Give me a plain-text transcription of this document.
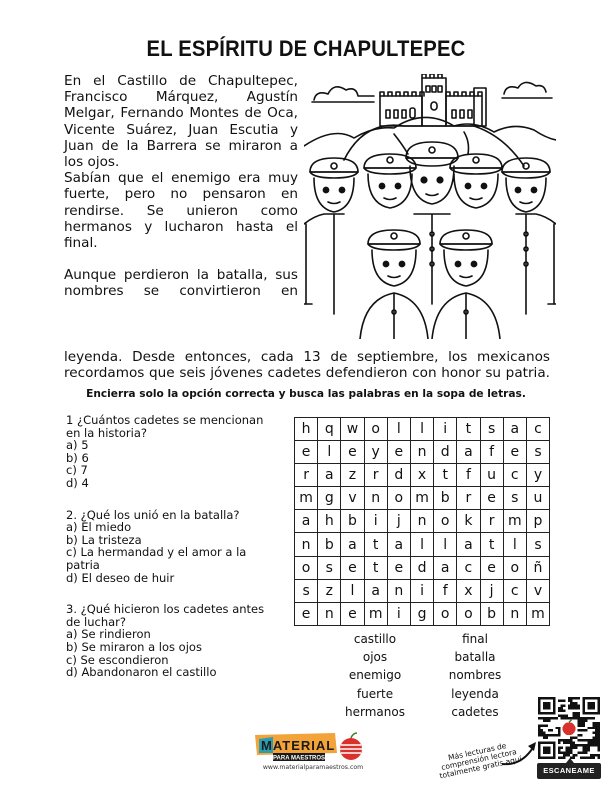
EL ESPÍRITU DE CHAPULTEPEC

En el Castillo de Chapultepec, Francisco Márquez, Agustín Melgar, Fernando Montes de Oca, Vicente Suárez, Juan Escutia y Juan de la Barrera se miraron a los ojos.

Sabían que el enemigo era muy fuerte, pero no pensaron en rendirse. Se unieron como hermanos y lucharon hasta el final.

Aunque perdieron la batalla, sus nombres se convirtieron en

leyenda. Desde entonces, cada 13 de septiembre, los mexicanos

recordamos que seis jóvenes cadetes defendieron con honor su patria.

Encierra solo la opción correcta y busca las palabras en la sopa de letras.

1 ¿Cuántos cadetes se mencionan en la historia?

a) 5

b) 6

c) 7

d) 4

2. ¿Qué los unió en la batalla?

a) El miedo

b) La tristeza

c) La hermandad y el amor a la patria

d) El deseo de huir

3. ¿Qué hicieron los cadetes antes de luchar?

a) Se rindieron

b) Se miraron a los ojos

c) Se escondieron

d) Abandonaron el castillo

h	q	w	o	l	l	i	t	s	a	c
e	l	e	y	e	n	d	a	f	e	s
r	a	z	r	d	x	t	f	u	c	y
m	g	v	n	o	m	b	r	e	s	u
a	h	b	i	j	n	o	k	r	m	p
n	b	a	t	a	l	l	a	t	l	s
o	s	e	t	e	d	a	c	e	o	ñ
s	z	l	a	n	i	f	x	j	c	v
e	n	e	m	i	g	o	o	b	n	m
castillo
ojos
enemigo
fuerte
hermanos
final
batalla
nombres
leyenda
cadetes
MATERIAL
PARA MAESTROS
www.materialparamaestros.com
Más lecturas de comprensión lectora totalmente gratis aquí	ESCANEAME
